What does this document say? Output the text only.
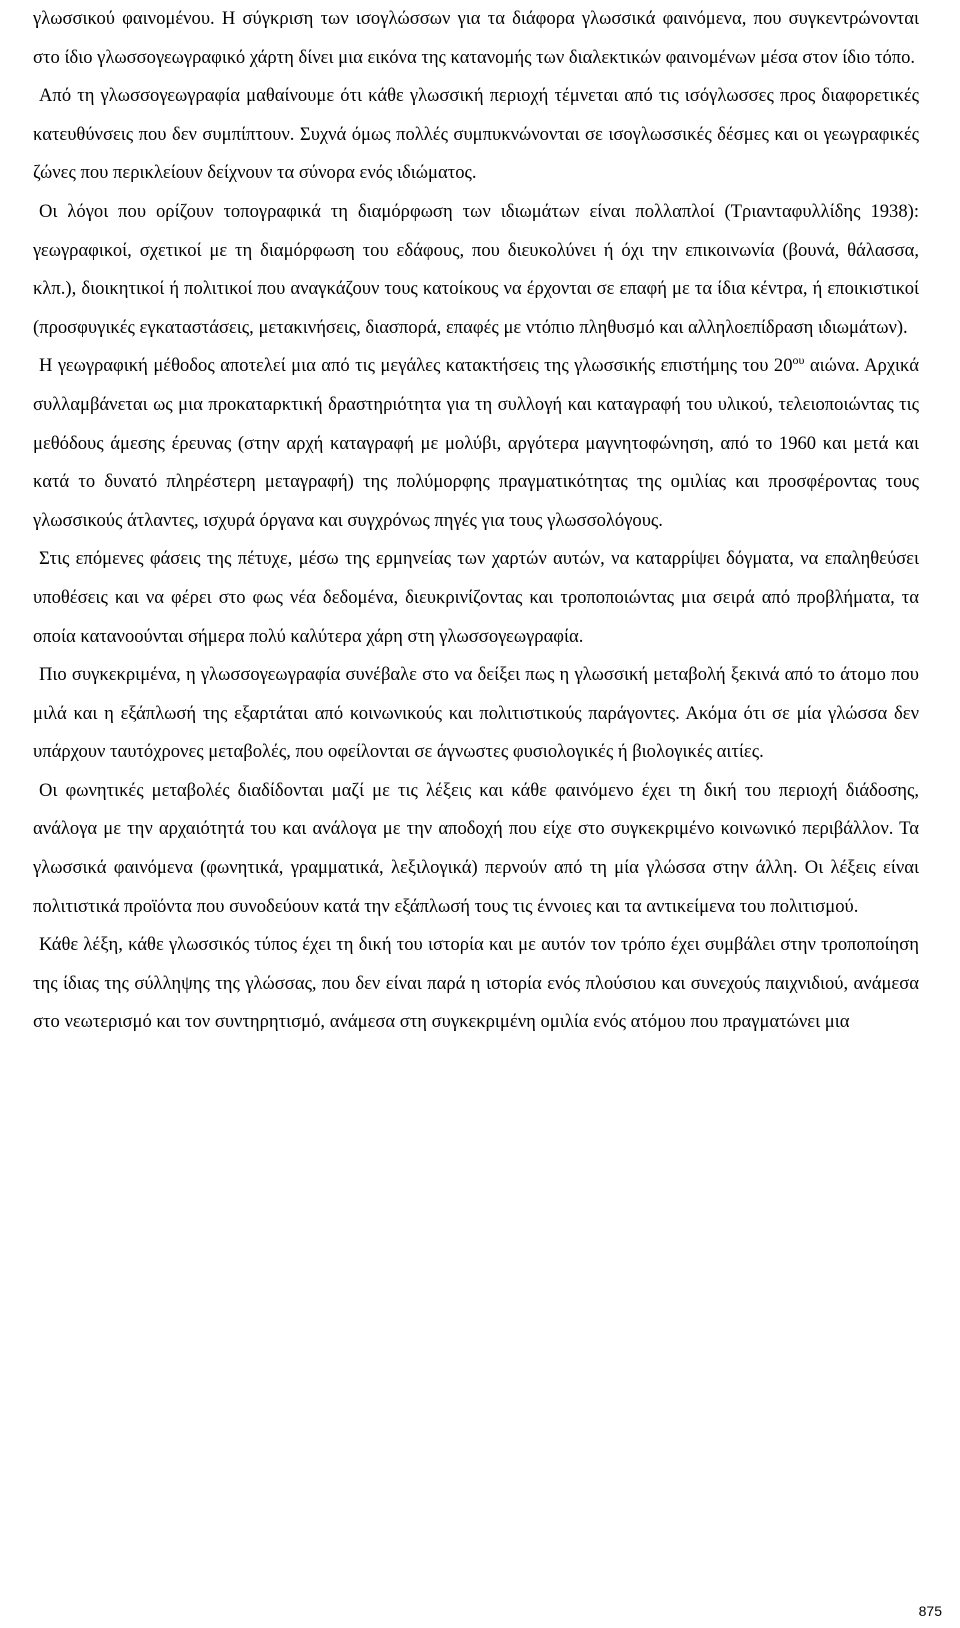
γλωσσικού φαινομένου. Η σύγκριση των ισογλώσσων για τα διάφορα γλωσσικά φαινόμενα, που συγκεντρώνονται στο ίδιο γλωσσογεωγραφικό χάρτη δίνει μια εικόνα της κατανομής των διαλεκτικών φαινομένων μέσα στον ίδιο τόπο.

Από τη γλωσσογεωγραφία μαθαίνουμε ότι κάθε γλωσσική περιοχή τέμνεται από τις ισόγλωσσες προς διαφορετικές κατευθύνσεις που δεν συμπίπτουν. Συχνά όμως πολλές συμπυκνώνονται σε ισογλωσσικές δέσμες και οι γεωγραφικές ζώνες που περικλείουν δείχνουν τα σύνορα ενός ιδιώματος.

Οι λόγοι που ορίζουν τοπογραφικά τη διαμόρφωση των ιδιωμάτων είναι πολλαπλοί (Τριανταφυλλίδης 1938): γεωγραφικοί, σχετικοί με τη διαμόρφωση του εδάφους, που διευκολύνει ή όχι την επικοινωνία (βουνά, θάλασσα, κλπ.), διοικητικοί ή πολιτικοί που αναγκάζουν τους κατοίκους να έρχονται σε επαφή με τα ίδια κέντρα, ή εποικιστικοί (προσφυγικές εγκαταστάσεις, μετακινήσεις, διασπορά, επαφές με ντόπιο πληθυσμό και αλληλοεπίδραση ιδιωμάτων).

Η γεωγραφική μέθοδος αποτελεί μια από τις μεγάλες κατακτήσεις της γλωσσικής επιστήμης του $20^{o\upsilon}$ αιώνα. Αρχικά συλλαμβάνεται ως μια προκαταρκτική δραστηριότητα για τη συλλογή και καταγραφή του υλικού, τελειοποιώντας τις μεθόδους άμεσης έρευνας (στην αρχή καταγραφή με μολύβι, αργότερα μαγνητοφώνηση, από το 1960 και μετά και κατά το δυνατό πληρέστερη μεταγραφή) της πολύμορφης πραγματικότητας της ομιλίας και προσφέροντας τους γλωσσικούς άτλαντες, ισχυρά όργανα και συγχρόνως πηγές για τους γλωσσολόγους.

Στις επόμενες φάσεις της πέτυχε, μέσω της ερμηνείας των χαρτών αυτών, να καταρρίψει δόγματα, να επαληθεύσει υποθέσεις και να φέρει στο φως νέα δεδομένα, διευκρινίζοντας και τροποποιώντας μια σειρά από προβλήματα, τα οποία κατανοούνται σήμερα πολύ καλύτερα χάρη στη γλωσσογεωγραφία.

Πιο συγκεκριμένα, η γλωσσογεωγραφία συνέβαλε στο να δείξει πως η γλωσσική μεταβολή ξεκινά από το άτομο που μιλά και η εξάπλωσή της εξαρτάται από κοινωνικούς και πολιτιστικούς παράγοντες. Ακόμα ότι σε μία γλώσσα δεν υπάρχουν ταυτόχρονες μεταβολές, που οφείλονται σε άγνωστες φυσιολογικές ή βιολογικές αιτίες.

Οι φωνητικές μεταβολές διαδίδονται μαζί με τις λέξεις και κάθε φαινόμενο έχει τη δική του περιοχή διάδοσης, ανάλογα με την αρχαιότητά του και ανάλογα με την αποδοχή που είχε στο συγκεκριμένο κοινωνικό περιβάλλον. Τα γλωσσικά φαινόμενα (φωνητικά, γραμματικά, λεξιλογικά) περνούν από τη μία γλώσσα στην άλλη. Οι λέξεις είναι πολιτιστικά προϊόντα που συνοδεύουν κατά την εξάπλωσή τους τις έννοιες και τα αντικείμενα του πολιτισμού.

Κάθε λέξη, κάθε γλωσσικός τύπος έχει τη δική του ιστορία και με αυτόν τον τρόπο έχει συμβάλει στην τροποποίηση της ίδιας της σύλληψης της γλώσσας, που δεν είναι παρά η ιστορία ενός πλούσιου και συνεχούς παιχνιδιού, ανάμεσα στο νεωτερισμό και τον συντηρητισμό, ανάμεσα στη συγκεκριμένη ομιλία ενός ατόμου που πραγματώνει μια

875
